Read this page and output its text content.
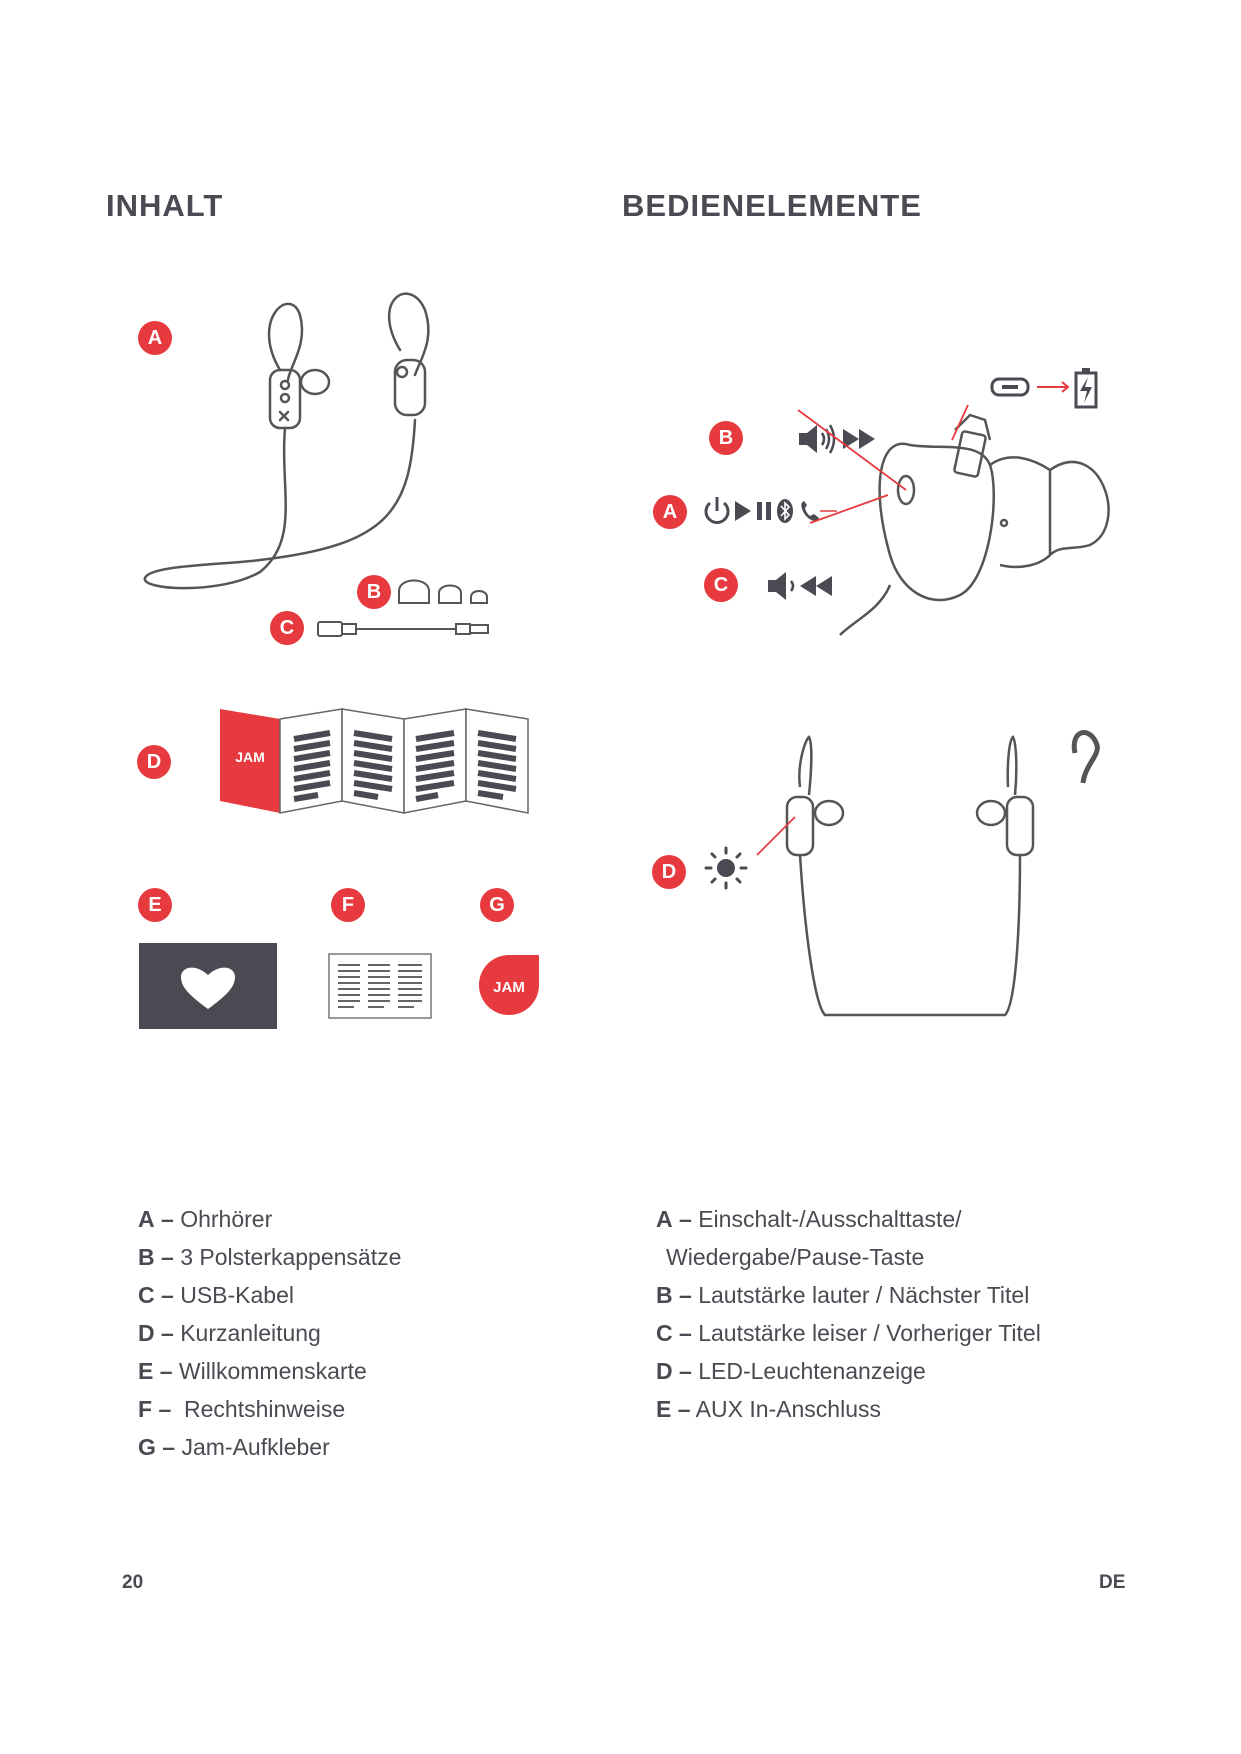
INHALT	BEDIENELEMENTE
A
B
C
D
E	F	G
JAM
JAM
B
A
C
D
A – Ohrhörer
B – 3 Polsterkappensätze
C – USB-Kabel
D – Kurzanleitung
E – Willkommenskarte
F –  Rechtshinweise
G – Jam-Aufkleber
A – Einschalt-/Ausschalttaste/
Wiedergabe/Pause-Taste
B – Lautstärke lauter / Nächster Titel
C – Lautstärke leiser / Vorheriger Titel
D – LED-Leuchtenanzeige
E – AUX In-Anschluss
20	DE
